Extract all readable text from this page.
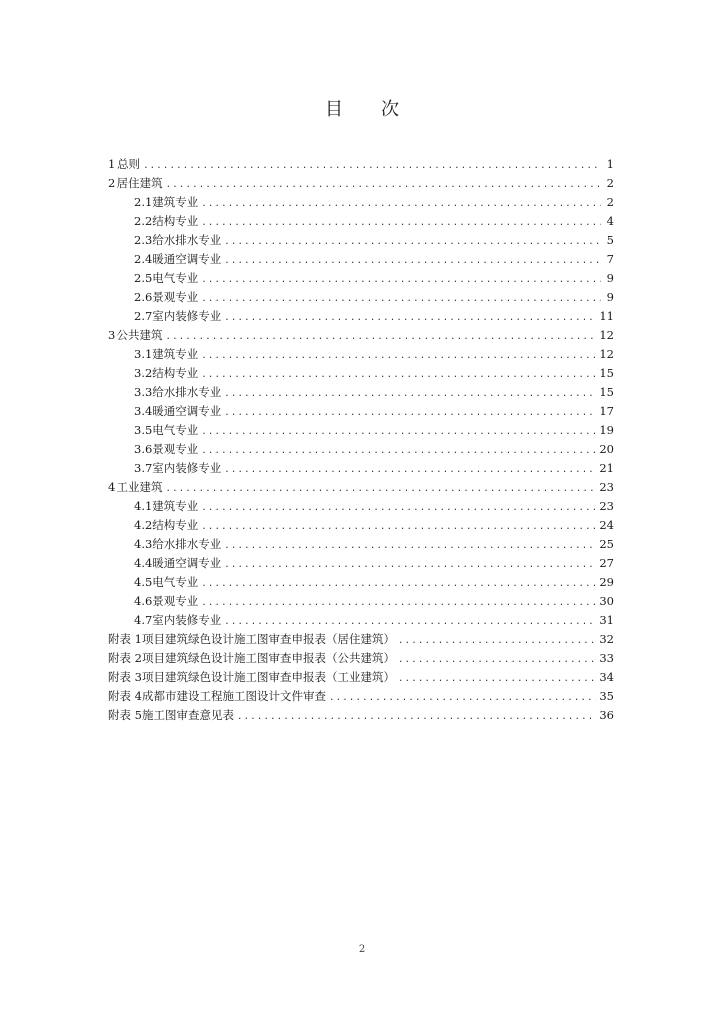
目 次
1 总则 .....	1
2 居住建筑 .....	2
2.1 建筑专业 .....	2
2.2 结构专业 .....	4
2.3 给水排水专业 .....	5
2.4 暖通空调专业 .....	7
2.5 电气专业 .....	9
2.6 景观专业 .....	9
2.7 室内装修专业 .....	11
3 公共建筑 .....	12
3.1 建筑专业 .....	12
3.2 结构专业 .....	15
3.3 给水排水专业 .....	15
3.4 暖通空调专业 .....	17
3.5 电气专业 .....	19
3.6 景观专业 .....	20
3.7 室内装修专业 .....	21
4 工业建筑 .....	23
4.1 建筑专业 .....	23
4.2 结构专业 .....	24
4.3 给水排水专业 .....	25
4.4 暖通空调专业 .....	27
4.5 电气专业 .....	29
4.6 景观专业 .....	30
4.7 室内装修专业 .....	31
附表 1 项目建筑绿色设计施工图审查申报表（居住建筑） .....	32
附表 2 项目建筑绿色设计施工图审查申报表（公共建筑） .....	33
附表 3 项目建筑绿色设计施工图审查申报表（工业建筑） .....	34
附表 4 成都市建设工程施工图设计文件审查 .....	35
附表 5 施工图审查意见表 .....	36
2
